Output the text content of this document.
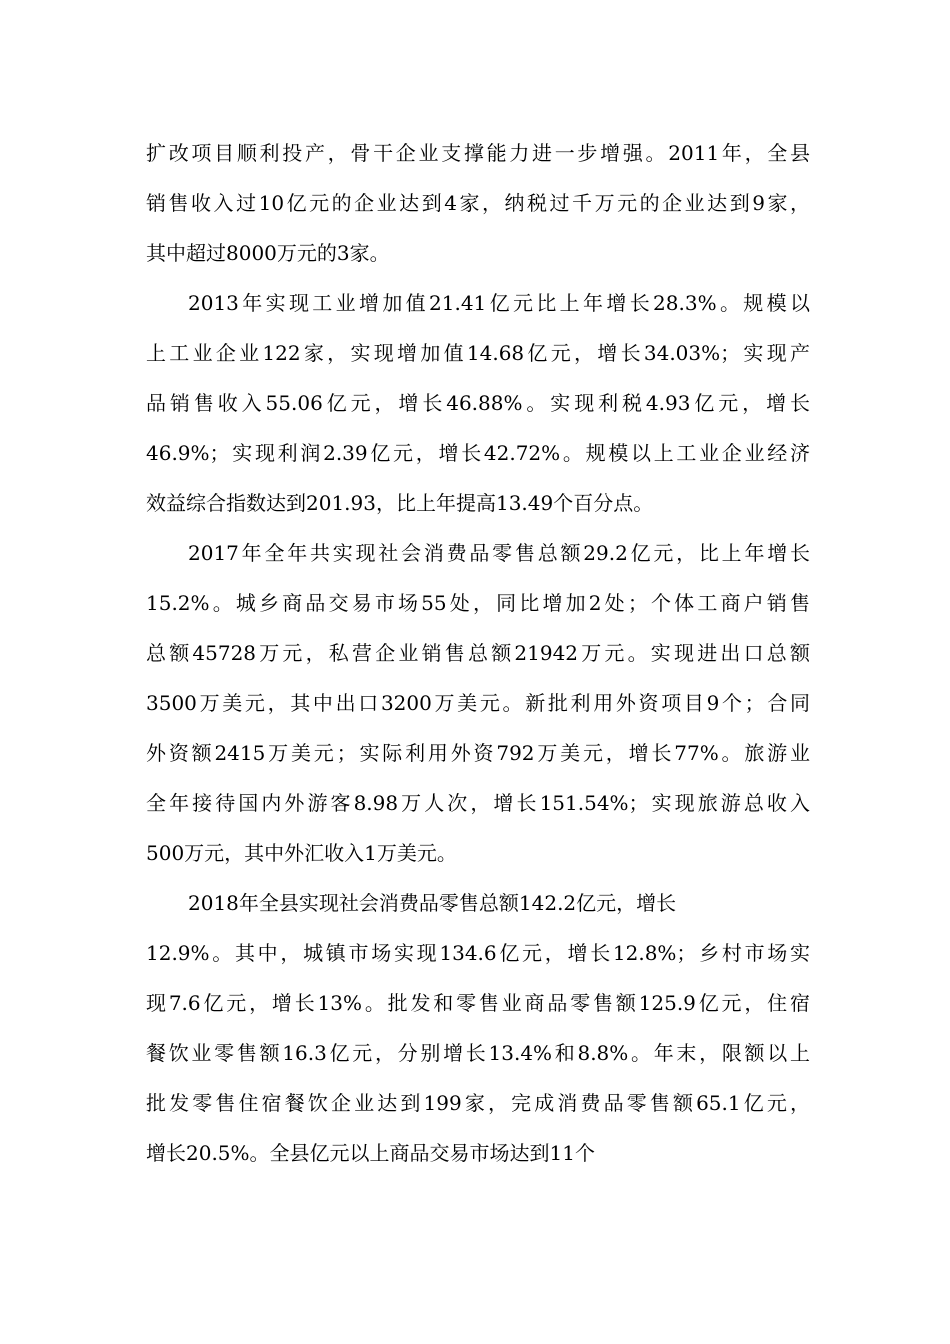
扩改项目顺利投产，骨干企业支撑能力进一步增强。2011年，全县
销售收入过10亿元的企业达到4家，纳税过千万元的企业达到9家，
其中超过8000万元的3家。
2013年实现工业增加值21.41亿元比上年增长28.3%。规模以
上工业企业122家，实现增加值14.68亿元，增长34.03%；实现产
品销售收入55.06亿元，增长46.88%。实现利税4.93亿元，增长
46.9%；实现利润2.39亿元，增长42.72%。规模以上工业企业经济
效益综合指数达到201.93，比上年提高13.49个百分点。
2017年全年共实现社会消费品零售总额29.2亿元，比上年增长
15.2%。城乡商品交易市场55处，同比增加2处；个体工商户销售
总额45728万元，私营企业销售总额21942万元。实现进出口总额
3500万美元，其中出口3200万美元。新批利用外资项目9个；合同
外资额2415万美元；实际利用外资792万美元，增长77%。旅游业
全年接待国内外游客8.98万人次，增长151.54%；实现旅游总收入
500万元，其中外汇收入1万美元。
2018年全县实现社会消费品零售总额142.2亿元，增长
12.9%。其中，城镇市场实现134.6亿元，增长12.8%；乡村市场实
现7.6亿元，增长13%。批发和零售业商品零售额125.9亿元，住宿
餐饮业零售额16.3亿元，分别增长13.4%和8.8%。年末，限额以上
批发零售住宿餐饮企业达到199家，完成消费品零售额65.1亿元，
增长20.5%。全县亿元以上商品交易市场达到11个
